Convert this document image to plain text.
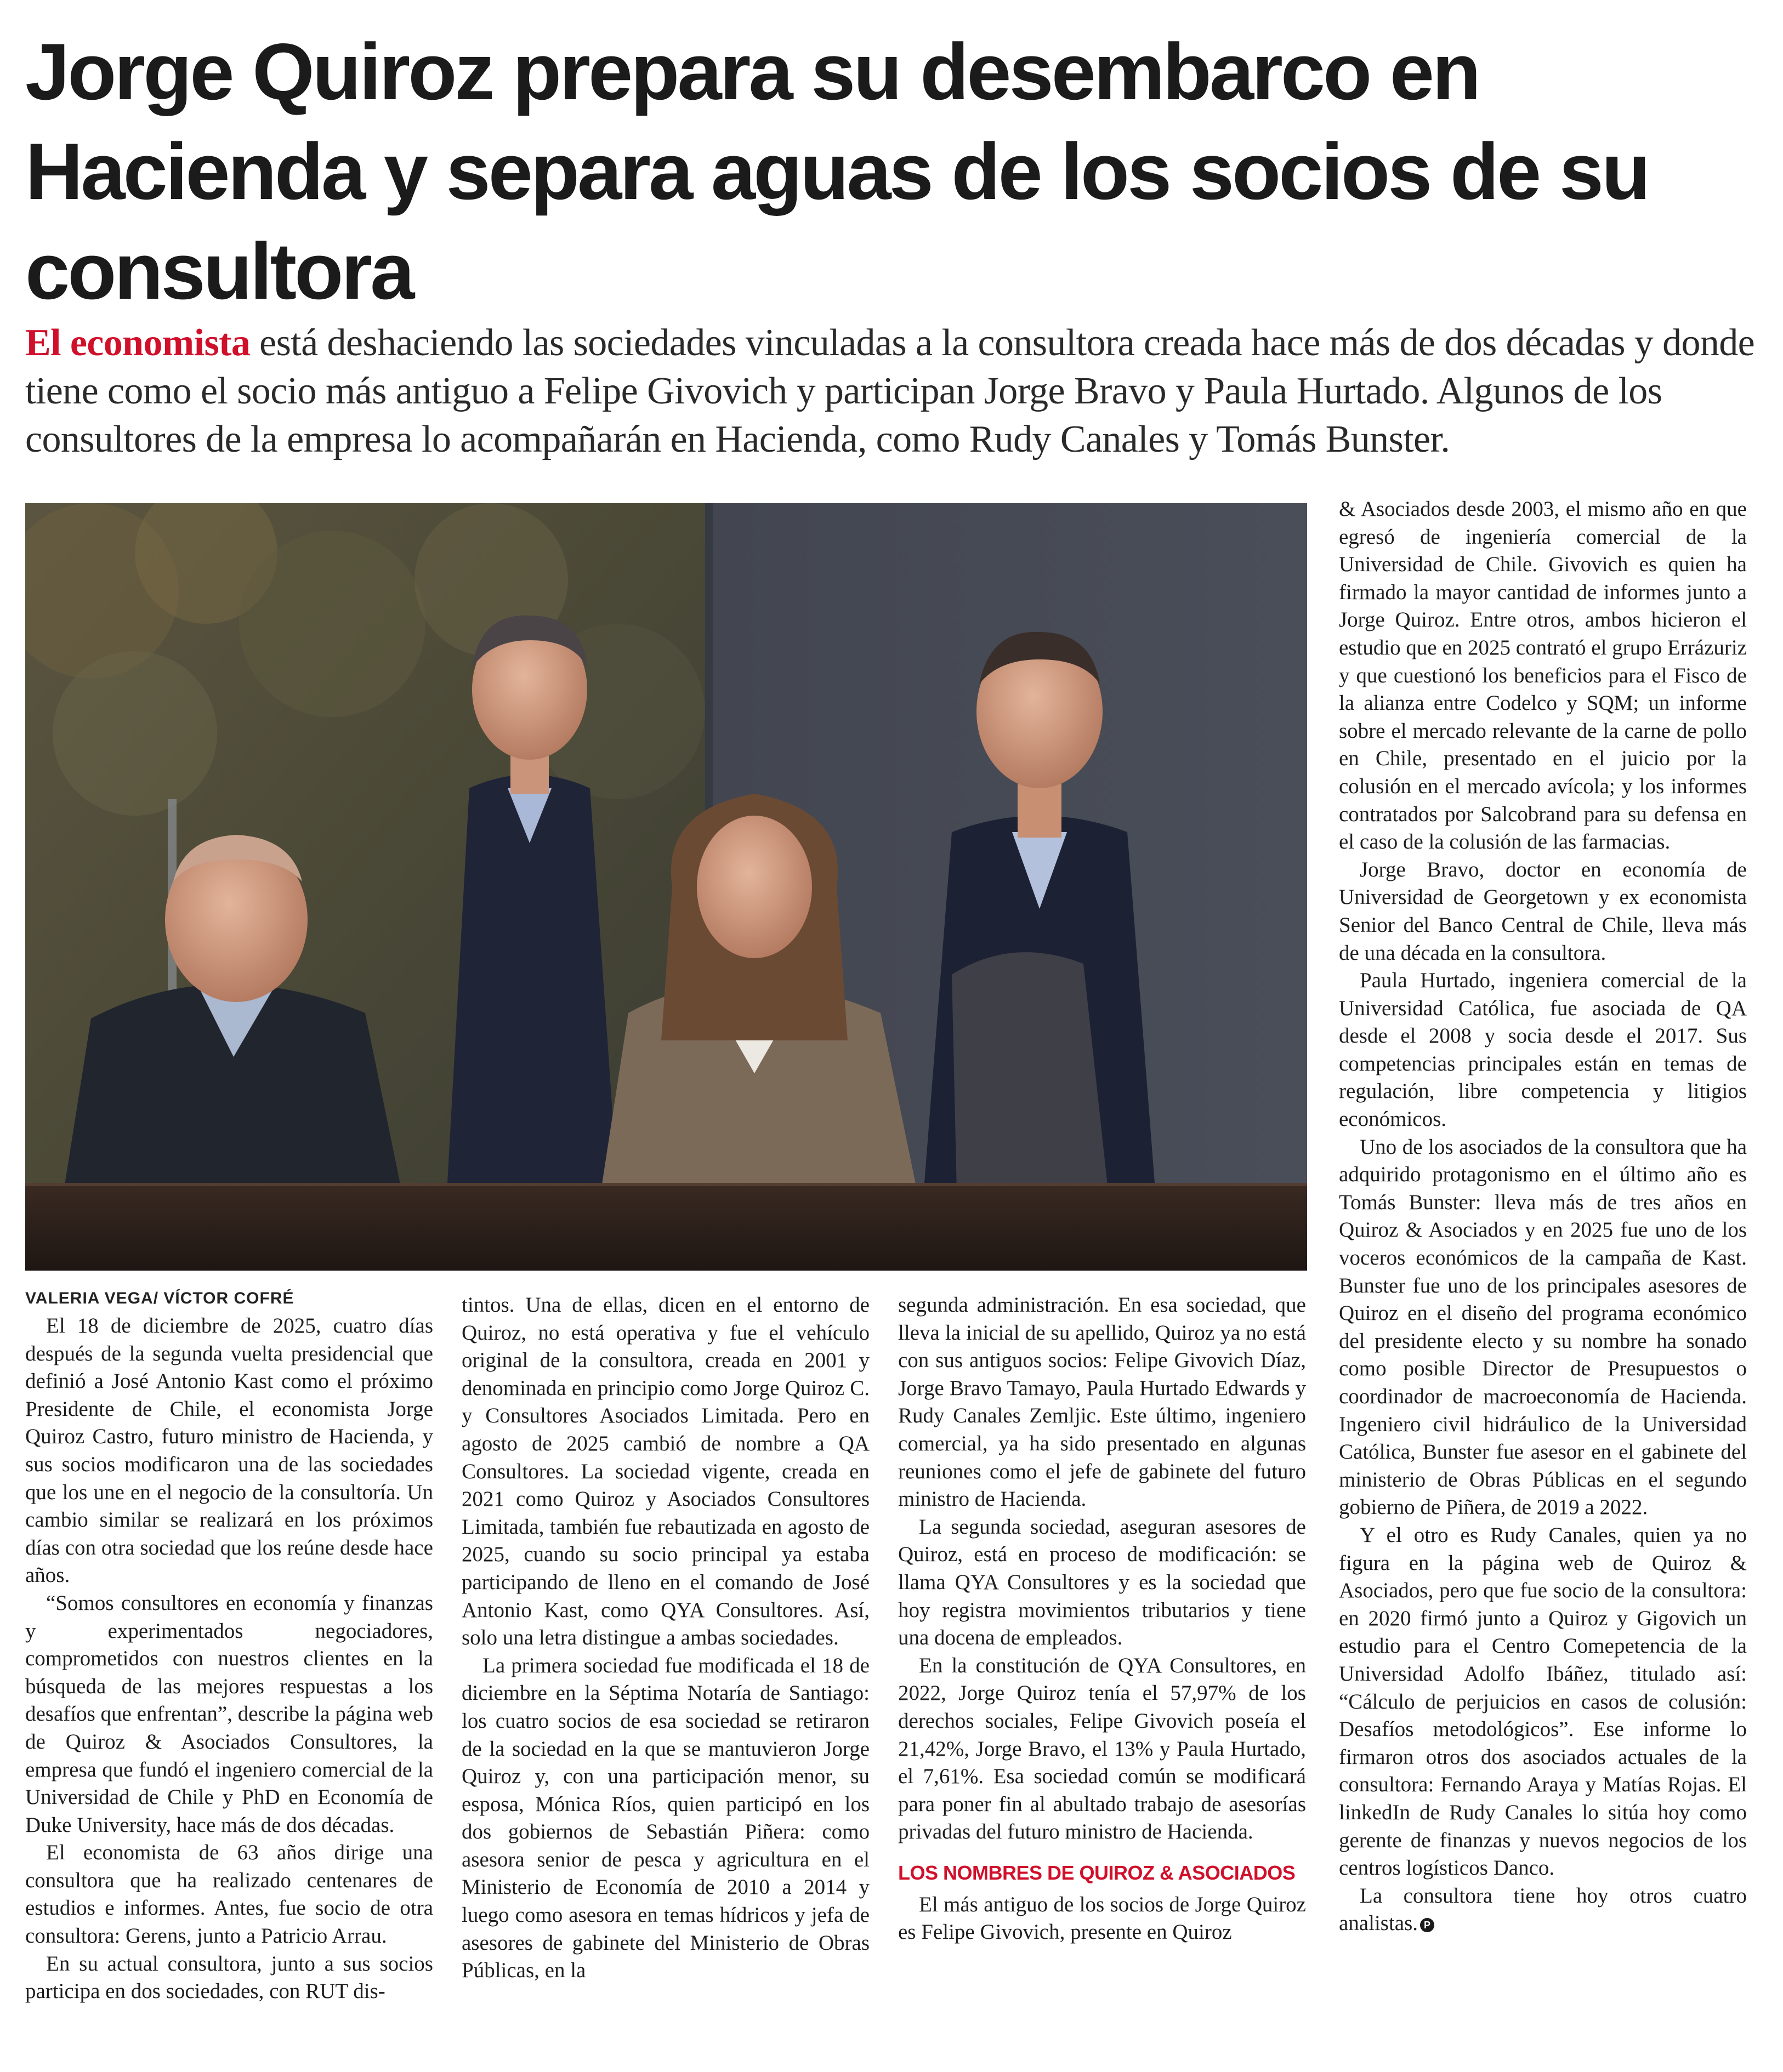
Jorge Quiroz prepara su desembarco en Hacienda y separa aguas de los socios de su consultora

El economista está deshaciendo las sociedades vinculadas a la consultora creada hace más de dos décadas y donde tiene como el socio más antiguo a Felipe Givovich y participan Jorge Bravo y Paula Hurtado. Algunos de los consultores de la empresa lo acompañarán en Hacienda, como Rudy Canales y Tomás Bunster.

VALERIA VEGA/ VÍCTOR COFRÉ

El 18 de diciembre de 2025, cuatro días después de la segunda vuelta presidencial que definió a José Antonio Kast como el próximo Presidente de Chile, el economista Jorge Quiroz Castro, futuro ministro de Hacienda, y sus socios modificaron una de las sociedades que los une en el negocio de la consultoría. Un cambio similar se realizará en los próximos días con otra sociedad que los reúne desde hace años.

“Somos consultores en economía y finanzas y experimentados negociadores, comprometidos con nuestros clientes en la búsqueda de las mejores respuestas a los desafíos que enfrentan”, describe la página web de Quiroz & Asociados Consultores, la empresa que fundó el ingeniero comercial de la Universidad de Chile y PhD en Economía de Duke University, hace más de dos décadas.

El economista de 63 años dirige una consultora que ha realizado centenares de estudios e informes. Antes, fue socio de otra consultora: Gerens, junto a Patricio Arrau.

En su actual consultora, junto a sus socios participa en dos sociedades, con RUT dis-

tintos. Una de ellas, dicen en el entorno de Quiroz, no está operativa y fue el vehículo original de la consultora, creada en 2001 y denominada en principio como Jorge Quiroz C. y Consultores Asociados Limitada. Pero en agosto de 2025 cambió de nombre a QA Consultores. La sociedad vigente, creada en 2021 como Quiroz y Asociados Consultores Limitada, también fue rebautizada en agosto de 2025, cuando su socio principal ya estaba participando de lleno en el comando de José Antonio Kast, como QYA Consultores. Así, solo una letra distingue a ambas sociedades.

La primera sociedad fue modificada el 18 de diciembre en la Séptima Notaría de Santiago: los cuatro socios de esa sociedad se retiraron de la sociedad en la que se mantuvieron Jorge Quiroz y, con una participación menor, su esposa, Mónica Ríos, quien participó en los dos gobiernos de Sebastián Piñera: como asesora senior de pesca y agricultura en el Ministerio de Economía de 2010 a 2014 y luego como asesora en temas hídricos y jefa de asesores de gabinete del Ministerio de Obras Públicas, en la

segunda administración. En esa sociedad, que lleva la inicial de su apellido, Quiroz ya no está con sus antiguos socios: Felipe Givovich Díaz, Jorge Bravo Tamayo, Paula Hurtado Edwards y Rudy Canales Zemljic. Este último, ingeniero comercial, ya ha sido presentado en algunas reuniones como el jefe de gabinete del futuro ministro de Hacienda.

La segunda sociedad, aseguran asesores de Quiroz, está en proceso de modificación: se llama QYA Consultores y es la sociedad que hoy registra movimientos tributarios y tiene una docena de empleados.

En la constitución de QYA Consultores, en 2022, Jorge Quiroz tenía el 57,97% de los derechos sociales, Felipe Givovich poseía el 21,42%, Jorge Bravo, el 13% y Paula Hurtado, el 7,61%. Esa sociedad común se modificará para poner fin al abultado trabajo de asesorías privadas del futuro ministro de Hacienda.

LOS NOMBRES DE QUIROZ & ASOCIADOS

El más antiguo de los socios de Jorge Quiroz es Felipe Givovich, presente en Quiroz

& Asociados desde 2003, el mismo año en que egresó de ingeniería comercial de la Universidad de Chile. Givovich es quien ha firmado la mayor cantidad de informes junto a Jorge Quiroz. Entre otros, ambos hicieron el estudio que en 2025 contrató el grupo Errázuriz y que cuestionó los beneficios para el Fisco de la alianza entre Codelco y SQM; un informe sobre el mercado relevante de la carne de pollo en Chile, presentado en el juicio por la colusión en el mercado avícola; y los informes contratados por Salcobrand para su defensa en el caso de la colusión de las farmacias.

Jorge Bravo, doctor en economía de Universidad de Georgetown y ex economista Senior del Banco Central de Chile, lleva más de una década en la consultora.

Paula Hurtado, ingeniera comercial de la Universidad Católica, fue asociada de QA desde el 2008 y socia desde el 2017. Sus competencias principales están en temas de regulación, libre competencia y litigios económicos.

Uno de los asociados de la consultora que ha adquirido protagonismo en el último año es Tomás Bunster: lleva más de tres años en Quiroz & Asociados y en 2025 fue uno de los voceros económicos de la campaña de Kast. Bunster fue uno de los principales asesores de Quiroz en el diseño del programa económico del presidente electo y su nombre ha sonado como posible Director de Presupuestos o coordinador de macroeconomía de Hacienda. Ingeniero civil hidráulico de la Universidad Católica, Bunster fue asesor en el gabinete del ministerio de Obras Públicas en el segundo gobierno de Piñera, de 2019 a 2022.

Y el otro es Rudy Canales, quien ya no figura en la página web de Quiroz & Asociados, pero que fue socio de la consultora: en 2020 firmó junto a Quiroz y Gigovich un estudio para el Centro Comepetencia de la Universidad Adolfo Ibáñez, titulado así: “Cálculo de perjuicios en casos de colusión: Desafíos metodológicos”. Ese informe lo firmaron otros dos asociados actuales de la consultora: Fernando Araya y Matías Rojas. El linkedIn de Rudy Canales lo sitúa hoy como gerente de finanzas y nuevos negocios de los centros logísticos Danco.

La consultora tiene hoy otros cuatro analistas. P
